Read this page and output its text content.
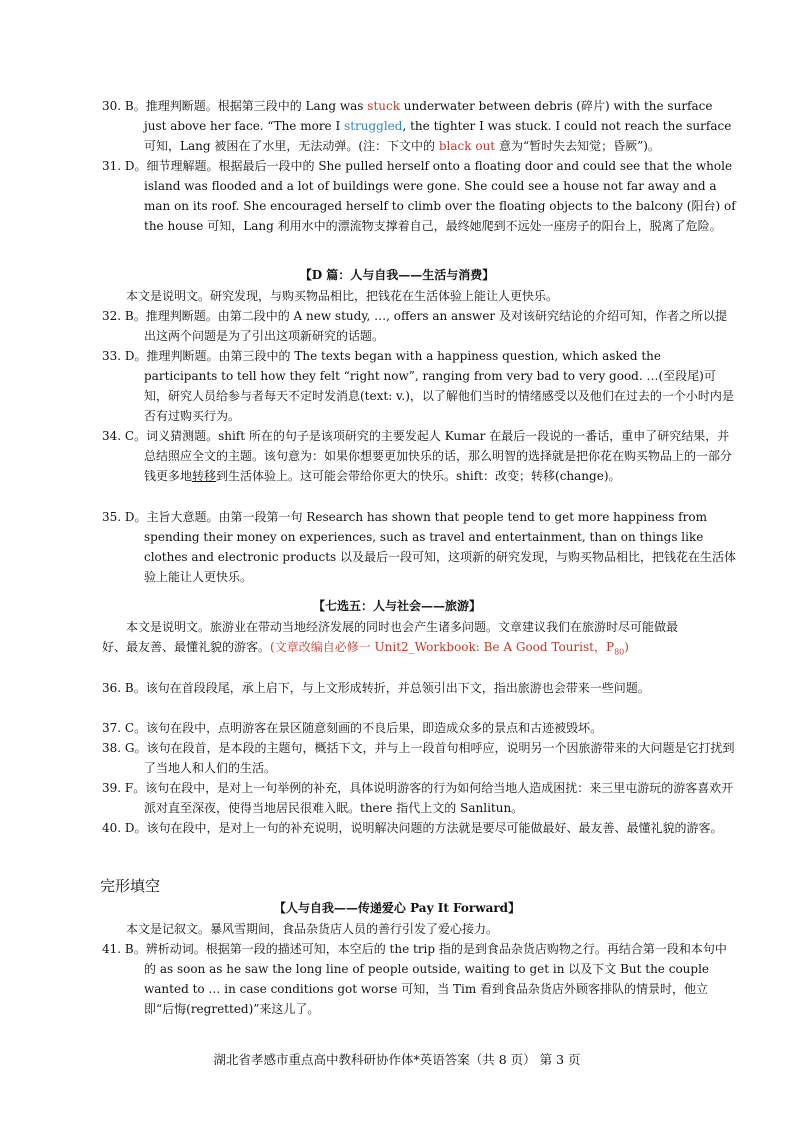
30. B。推理判断题。根据第三段中的 Lang was stuck underwater between debris (碎片) with the surface just above her face. “The more I struggled, the tighter I was stuck. I could not reach the surface 可知，Lang 被困在了水里，无法动弹。(注：下文中的 black out 意为“暂时失去知觉；昏厥”)。
31. D。细节理解题。根据最后一段中的 She pulled herself onto a floating door and could see that the whole island was flooded and a lot of buildings were gone. She could see a house not far away and a man on its roof. She encouraged herself to climb over the floating objects to the balcony (阳台) of the house 可知，Lang 利用水中的漂流物支撑着自己，最终她爬到不远处一座房子的阳台上，脱离了危险。
【D 篇：人与自我——生活与消费】
本文是说明文。研究发现，与购买物品相比，把钱花在生活体验上能让人更快乐。
32. B。推理判断题。由第二段中的 A new study, …, offers an answer 及对该研究结论的介绍可知，作者之所以提出这两个问题是为了引出这项新研究的话题。
33. D。推理判断题。由第三段中的 The texts began with a happiness question, which asked the participants to tell how they felt “right now”, ranging from very bad to very good. …(至段尾)可知，研究人员给参与者每天不定时发消息(text: v.)，以了解他们当时的情绪感受以及他们在过去的一个小时内是否有过购买行为。
34. C。词义猜测题。shift 所在的句子是该项研究的主要发起人 Kumar 在最后一段说的一番话，重申了研究结果，并总结照应全文的主题。该句意为：如果你想要更加快乐的话，那么明智的选择就是把你花在购买物品上的一部分钱更多地转移到生活体验上。这可能会带给你更大的快乐。shift：改变；转移(change)。
35. D。主旨大意题。由第一段第一句 Research has shown that people tend to get more happiness from spending their money on experiences, such as travel and entertainment, than on things like clothes and electronic products 以及最后一段可知，这项新的研究发现，与购买物品相比，把钱花在生活体验上能让人更快乐。
【七选五：人与社会——旅游】
本文是说明文。旅游业在带动当地经济发展的同时也会产生诸多问题。文章建议我们在旅游时尽可能做最好、最友善、最懂礼貌的游客。(文章改编自必修一 Unit2_Workbook: Be A Good Tourist，$P_{80}$)
36. B。该句在首段段尾，承上启下，与上文形成转折，并总领引出下文，指出旅游也会带来一些问题。
37. C。该句在段中，点明游客在景区随意刻画的不良后果，即造成众多的景点和古迹被毁坏。
38. G。该句在段首，是本段的主题句，概括下文，并与上一段首句相呼应，说明另一个因旅游带来的大问题是它打扰到了当地人和人们的生活。
39. F。该句在段中，是对上一句举例的补充，具体说明游客的行为如何给当地人造成困扰：来三里屯游玩的游客喜欢开派对直至深夜，使得当地居民很难入眠。there 指代上文的 Sanlitun。
40. D。该句在段中，是对上一句的补充说明，说明解决问题的方法就是要尽可能做最好、最友善、最懂礼貌的游客。
完形填空
【人与自我——传递爱心 Pay It Forward】
本文是记叙文。暴风雪期间，食品杂货店人员的善行引发了爱心接力。
41. B。辨析动词。根据第一段的描述可知，本空后的 the trip 指的是到食品杂货店购物之行。再结合第一段和本句中的 as soon as he saw the long line of people outside, waiting to get in 以及下文 But the couple wanted to … in case conditions got worse 可知，当 Tim 看到食品杂货店外顾客排队的情景时，他立即“后悔(regretted)”来这儿了。
湖北省孝感市重点高中教科研协作体*英语答案（共 8 页） 第 3 页
